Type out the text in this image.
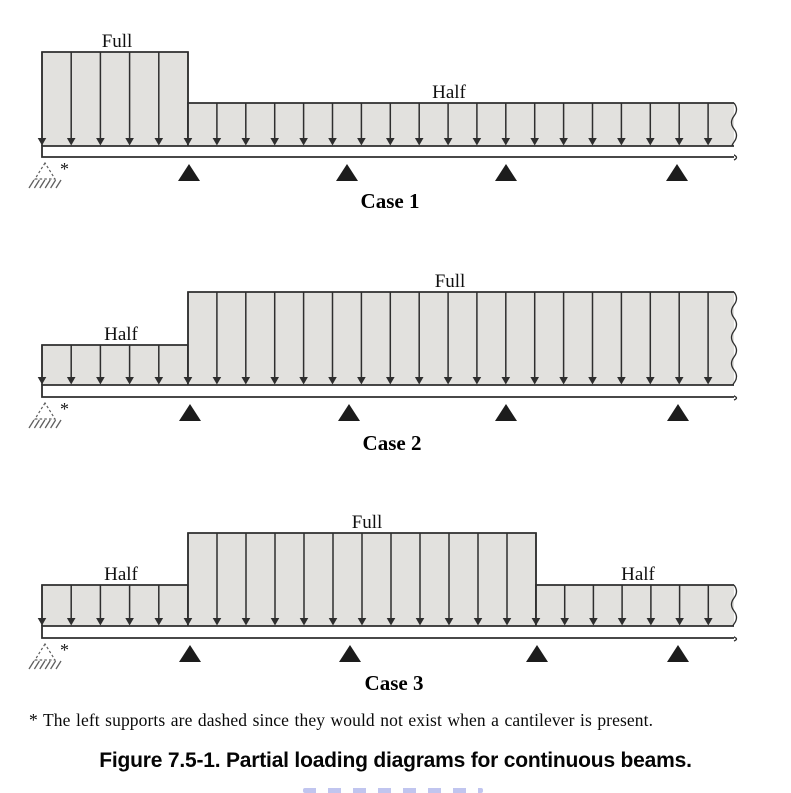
Full
Half
*
Case 1
Half
Full
*
Case 2
Half
Full
Half
*
Case 3
* The left supports are dashed since they would not exist when a cantilever is present.
Figure 7.5-1. Partial loading diagrams for continuous beams.
